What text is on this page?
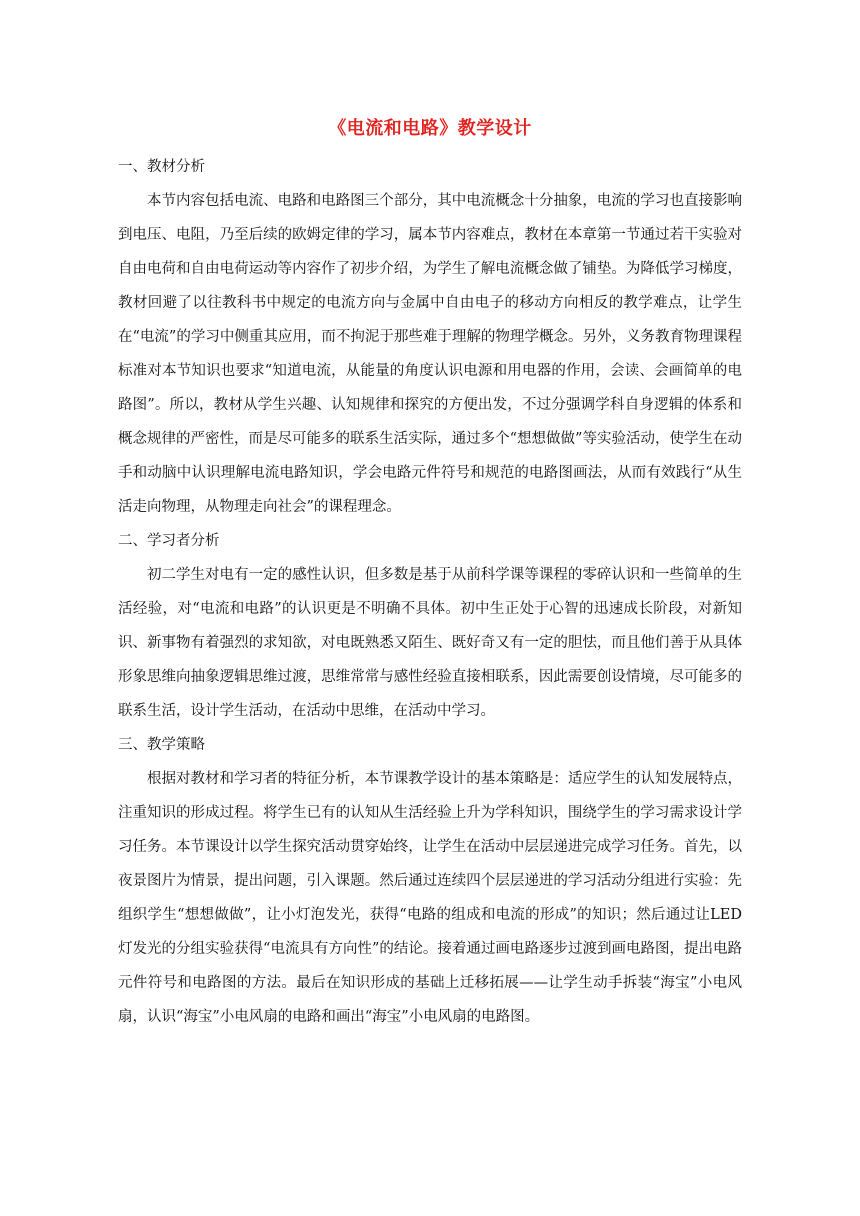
《电流和电路》教学设计
一、教材分析

本节内容包括电流、电路和电路图三个部分，其中电流概念十分抽象，电流的学习也直接影响到电压、电阻，乃至后续的欧姆定律的学习，属本节内容难点，教材在本章第一节通过若干实验对自由电荷和自由电荷运动等内容作了初步介绍，为学生了解电流概念做了铺垫。为降低学习梯度，教材回避了以往教科书中规定的电流方向与金属中自由电子的移动方向相反的教学难点，让学生在“电流”的学习中侧重其应用，而不拘泥于那些难于理解的物理学概念。另外，义务教育物理课程标准对本节知识也要求“知道电流，从能量的角度认识电源和用电器的作用，会读、会画简单的电路图”。所以，教材从学生兴趣、认知规律和探究的方便出发，不过分强调学科自身逻辑的体系和概念规律的严密性，而是尽可能多的联系生活实际，通过多个“想想做做”等实验活动，使学生在动手和动脑中认识理解电流电路知识，学会电路元件符号和规范的电路图画法，从而有效践行“从生活走向物理，从物理走向社会”的课程理念。

二、学习者分析

初二学生对电有一定的感性认识，但多数是基于从前科学课等课程的零碎认识和一些简单的生活经验，对“电流和电路”的认识更是不明确不具体。初中生正处于心智的迅速成长阶段，对新知识、新事物有着强烈的求知欲，对电既熟悉又陌生、既好奇又有一定的胆怯，而且他们善于从具体形象思维向抽象逻辑思维过渡，思维常常与感性经验直接相联系，因此需要创设情境，尽可能多的联系生活，设计学生活动，在活动中思维，在活动中学习。

三、教学策略

根据对教材和学习者的特征分析，本节课教学设计的基本策略是：适应学生的认知发展特点，注重知识的形成过程。将学生已有的认知从生活经验上升为学科知识，围绕学生的学习需求设计学习任务。本节课设计以学生探究活动贯穿始终，让学生在活动中层层递进完成学习任务。首先，以夜景图片为情景，提出问题，引入课题。然后通过连续四个层层递进的学习活动分组进行实验：先组织学生“想想做做”，让小灯泡发光，获得“电路的组成和电流的形成”的知识；然后通过让LED灯发光的分组实验获得“电流具有方向性”的结论。接着通过画电路逐步过渡到画电路图，提出电路元件符号和电路图的方法。最后在知识形成的基础上迁移拓展——让学生动手拆装“海宝”小电风扇，认识“海宝”小电风扇的电路和画出“海宝”小电风扇的电路图。
